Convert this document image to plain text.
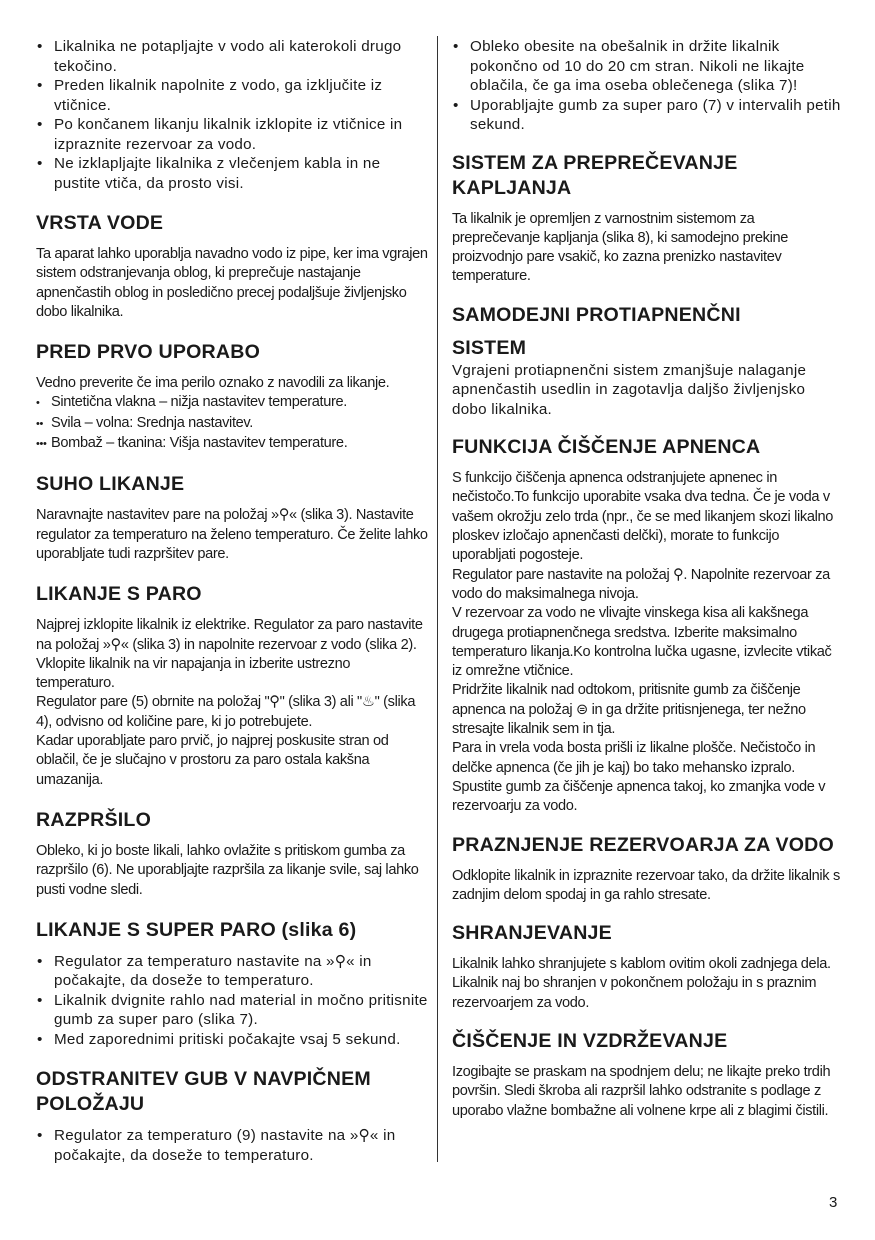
• Likalnika ne potapljajte v vodo ali katerokoli drugo tekočino.
• Preden likalnik napolnite z vodo, ga izključite iz vtičnice.
• Po končanem likanju likalnik izklopite iz vtičnice in izpraznite rezervoar za vodo.
• Ne izklapljajte likalnika z vlečenjem kabla in ne pustite vtiča, da prosto visi.
VRSTA VODE

Ta aparat lahko uporablja navadno vodo iz pipe, ker ima vgrajen sistem odstranjevanja oblog, ki preprečuje nastajanje apnenčastih oblog in posledično precej podaljšuje življenjsko dobo likalnika.

PRED PRVO UPORABO

Vedno preverite če ima perilo oznako z navodili za likanje.

• Sintetična vlakna – nižja nastavitev temperature.

•• Svila – volna: Srednja nastavitev.

••• Bombaž – tkanina: Višja nastavitev temperature.

SUHO LIKANJE

Naravnajte nastavitev pare na položaj »⚲« (slika 3). Nastavite regulator za temperaturo na želeno temperaturo. Če želite lahko uporabljate tudi razpršitev pare.

LIKANJE S PARO

Najprej izklopite likalnik iz elektrike. Regulator za paro nastavite na položaj »⚲« (slika 3) in napolnite rezervoar z vodo (slika 2).

Vklopite likalnik na vir napajanja in izberite ustrezno temperaturo.

Regulator pare (5) obrnite na položaj "⚲" (slika 3) ali "♨" (slika 4), odvisno od količine pare, ki jo potrebujete.

Kadar uporabljate paro prvič, jo najprej poskusite stran od oblačil, če je slučajno v prostoru za paro ostala kakšna umazanija.

RAZPRŠILO

Obleko, ki jo boste likali, lahko ovlažite s pritiskom gumba za razpršilo (6). Ne uporabljajte razpršila za likanje svile, saj lahko pusti vodne sledi.

LIKANJE S SUPER PARO (slika 6)
• Regulator za temperaturo nastavite na »⚲« in počakajte, da doseže to temperaturo.
• Likalnik dvignite rahlo nad material in močno pritisnite gumb za super paro (slika 7).
• Med zaporednimi pritiski počakajte vsaj 5 sekund.
ODSTRANITEV GUB V NAVPIČNEM POLOŽAJU
• Regulator za temperaturo (9) nastavite na »⚲« in počakajte, da doseže to temperaturo.
• Obleko obesite na obešalnik in držite likalnik pokončno od 10 do 20 cm stran. Nikoli ne likajte oblačila, če ga ima oseba oblečenega (slika 7)!
• Uporabljajte gumb za super paro (7) v intervalih petih sekund.
SISTEM ZA PREPREČEVANJE KAPLJANJA

Ta likalnik je opremljen z varnostnim sistemom za preprečevanje kapljanja (slika 8), ki samodejno prekine proizvodnjo pare vsakič, ko zazna prenizko nastavitev temperature.

SAMODEJNI PROTIAPNENČNI
SISTEM
Vgrajeni protiapnenčni sistem zmanjšuje nalaganje apnenčastih usedlin in zagotavlja daljšo življenjsko dobo likalnika.
FUNKCIJA ČIŠČENJE APNENCA

S funkcijo čiščenja apnenca odstranjujete apnenec in nečistočo.To funkcijo uporabite vsaka dva tedna. Če je voda v vašem okrožju zelo trda (npr., če se med likanjem skozi likalno ploskev izločajo apnenčasti delčki), morate to funkcijo uporabljati pogosteje.

Regulator pare nastavite na položaj ⚲. Napolnite rezervoar za vodo do maksimalnega nivoja.

V rezervoar za vodo ne vlivajte vinskega kisa ali kakšnega drugega protiapnenčnega sredstva. Izberite maksimalno temperaturo likanja.Ko kontrolna lučka ugasne, izvlecite vtikač iz omrežne vtičnice.

Pridržite likalnik nad odtokom, pritisnite gumb za čiščenje apnenca na položaj ⊜ in ga držite pritisnjenega, ter nežno stresajte likalnik sem in tja.

Para in vrela voda bosta prišli iz likalne plošče. Nečistočo in delčke apnenca (če jih je kaj) bo tako mehansko izpralo.

Spustite gumb za čiščenje apnenca takoj, ko zmanjka vode v rezervoarju za vodo.

PRAZNJENJE REZERVOARJA ZA VODO

Odklopite likalnik in izpraznite rezervoar tako, da držite likalnik s zadnjim delom spodaj in ga rahlo stresate.

SHRANJEVANJE

Likalnik lahko shranjujete s kablom ovitim okoli zadnjega dela. Likalnik naj bo shranjen v pokončnem položaju in s praznim rezervoarjem za vodo.

ČIŠČENJE IN VZDRŽEVANJE

Izogibajte se praskam na spodnjem delu; ne likajte preko trdih površin. Sledi škroba ali razpršil lahko odstranite s podlage z uporabo vlažne bombažne ali volnene krpe ali z blagimi čistili.

3
